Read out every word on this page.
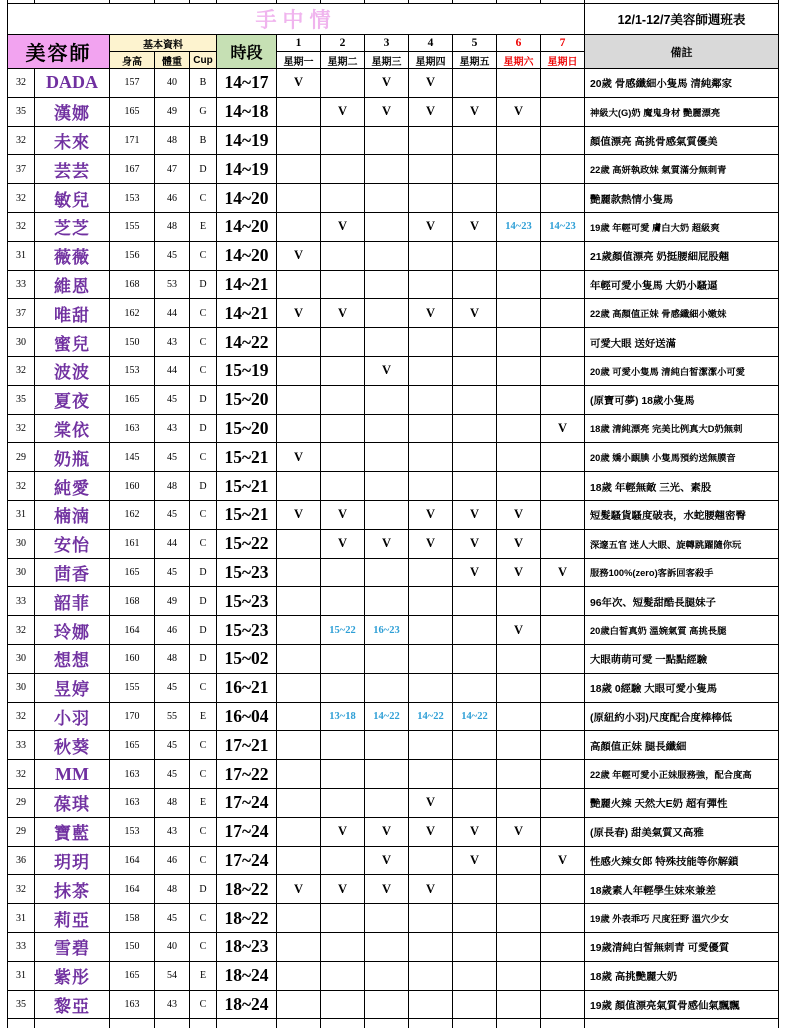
手中情													12/1-12/7美容師週班表
美容師		基本資料			時段	1	2	3	4	5	6	7	備註
		身高	體重	Cup		星期一	星期二	星期三	星期四	星期五	星期六	星期日	
32	DADA	157	40	B	14~17	V		V	V				20歲 骨感纖細小隻馬 清純鄰家
35	漢娜	165	49	G	14~18		V	V	V	V	V		神級大(G)奶 魔鬼身材 艷麗漂亮
32	未來	171	48	B	14~19								顏值漂亮 高挑骨感氣質優美
37	芸芸	167	47	D	14~19								22歲 高妍執政妹 氣質滿分無刺青
32	敏兒	153	46	C	14~20								艷麗款熱情小隻馬
32	芝芝	155	48	E	14~20		V		V	V	14~23	14~23	19歲 年輕可愛 膚白大奶 超級爽
31	薇薇	156	45	C	14~20	V							21歲顏值漂亮 奶挺腰細屁股翹
33	維恩	168	53	D	14~21								年輕可愛小隻馬 大奶小騷逼
37	唯甜	162	44	C	14~21	V	V		V	V			22歲 高顏值正妹 骨感纖細小嫩妹
30	蜜兒	150	43	C	14~22								可愛大眼 送好送滿
32	波波	153	44	C	15~19			V					20歲 可愛小隻馬 清純白皙潔潔小可愛
35	夏夜	165	45	D	15~20								(原寶可夢) 18歲小隻馬
32	棠依	163	43	D	15~20							V	18歲 清純漂亮 完美比例真大D奶無刺
29	奶瓶	145	45	C	15~21	V							20歲 嬌小靦腆 小隻馬預約送無膜音
32	純愛	160	48	D	15~21								18歲 年輕無敵 三光、素股
31	楠湳	162	45	C	15~21	V	V		V	V	V		短髮騷貨騷度破表，水蛇腰翹密臀
30	安怡	161	44	C	15~22		V	V	V	V	V		深邃五官 迷人大眼、旋轉跳躍隨你玩
30	茴香	165	45	D	15~23					V	V	V	服務100%(zero)客訴回客殺手
33	韶菲	168	49	D	15~23								96年次、短髮甜酷長腿妹子
32	玲娜	164	46	D	15~23		15~22	16~23			V		20歲白皙真奶 溫婉氣質 高挑長腿
30	想想	160	48	D	15~02								大眼萌萌可愛 一點點經驗
30	昱婷	155	45	C	16~21								18歲 0經驗 大眼可愛小隻馬
32	小羽	170	55	E	16~04		13~18	14~22	14~22	14~22			(原紐約小羽)尺度配合度棒棒低
33	秋葵	165	45	C	17~21								高顏值正妹 腿長纖細
32	MM	163	45	C	17~22								22歲 年輕可愛小正妹服務強，配合度高
29	葆琪	163	48	E	17~24				V				艷麗火辣 天然大E奶 超有彈性
29	寶藍	153	43	C	17~24		V	V	V	V	V		(原長春) 甜美氣質又高雅
36	玥玥	164	46	C	17~24			V		V		V	性感火辣女郎 特殊技能等你解鎖
32	抹茶	164	48	D	18~22	V	V	V	V				18歲素人年輕學生妹來兼差
31	莉亞	158	45	C	18~22								19歲 外表乖巧 尺度狂野 溫穴少女
33	雪碧	150	40	C	18~23								19歲清純白皙無刺青 可愛優質
31	紫彤	165	54	E	18~24								18歲 高挑艷麗大奶
35	黎亞	163	43	C	18~24								19歲 顏值漂亮氣質骨感仙氣飄飄
